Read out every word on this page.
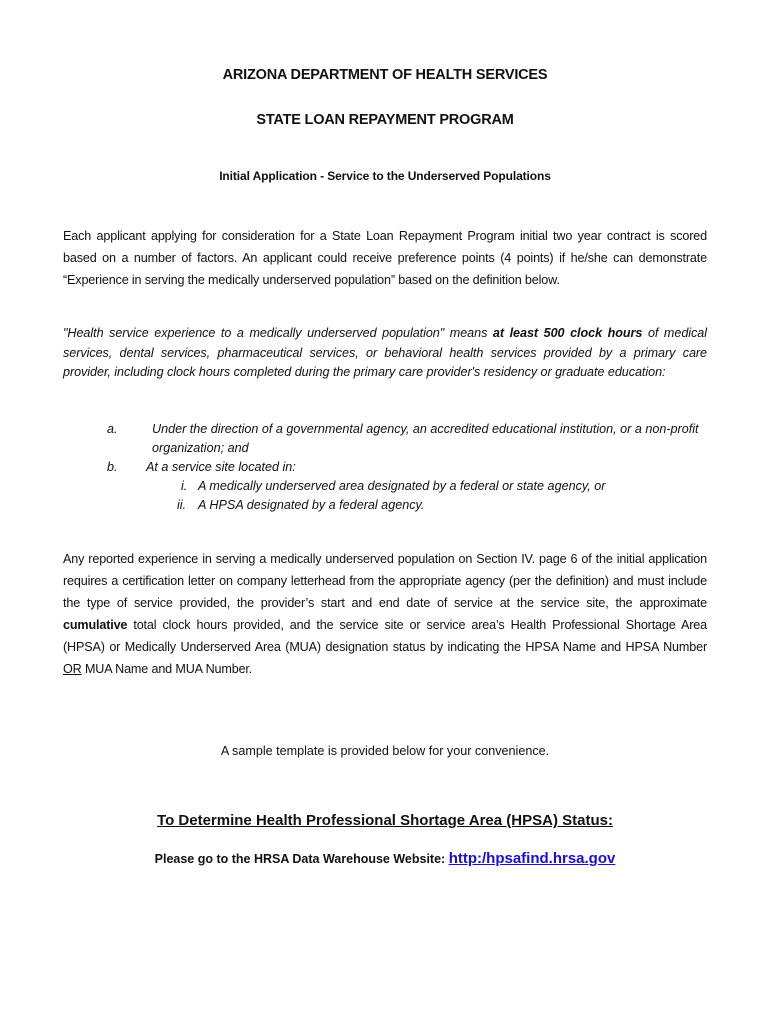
ARIZONA DEPARTMENT OF HEALTH SERVICES
STATE LOAN REPAYMENT PROGRAM
Initial Application - Service to the Underserved Populations
Each applicant applying for consideration for a State Loan Repayment Program initial two year contract is scored based on a number of factors. An applicant could receive preference points (4 points) if he/she can demonstrate “Experience in serving the medically underserved population” based on the definition below.
"Health service experience to a medically underserved population" means at least 500 clock hours of medical services, dental services, pharmaceutical services, or behavioral health services provided by a primary care provider, including clock hours completed during the primary care provider's residency or graduate education:
a.	Under the direction of a governmental agency, an accredited educational institution, or a non-profit organization; and
b. At a service site located in:
i. A medically underserved area designated by a federal or state agency, or
ii. A HPSA designated by a federal agency.
Any reported experience in serving a medically underserved population on Section IV. page 6 of the initial application requires a certification letter on company letterhead from the appropriate agency (per the definition) and must include the type of service provided, the provider’s start and end date of service at the service site, the approximate cumulative total clock hours provided, and the service site or service area’s Health Professional Shortage Area (HPSA) or Medically Underserved Area (MUA) designation status by indicating the HPSA Name and HPSA Number OR MUA Name and MUA Number.
A sample template is provided below for your convenience.
To Determine Health Professional Shortage Area (HPSA) Status:
Please go to the HRSA Data Warehouse Website: http:/hpsafind.hrsa.gov
